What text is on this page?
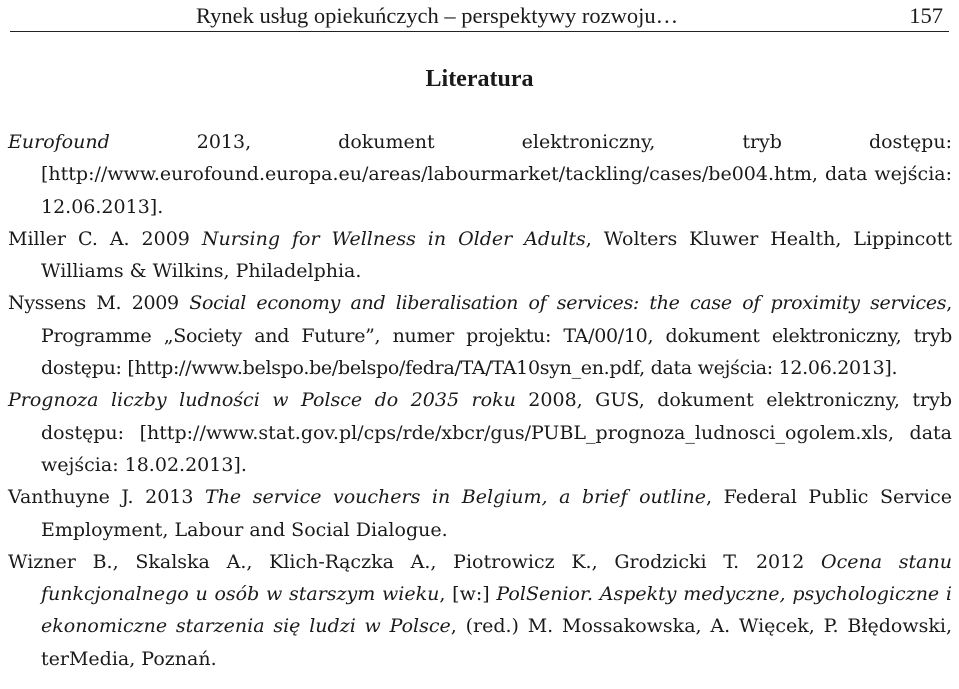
Rynek usług opiekuńczych – perspektywy rozwoju…	157
Literatura

Eurofound 2013, dokument elektroniczny, tryb dostępu: [http://www.eurofound.europa.eu/areas/labourmarket/tackling/cases/be004.htm, data wejścia: 12.06.2013].

Miller C. A. 2009 Nursing for Wellness in Older Adults, Wolters Kluwer Health, Lippincott Williams & Wilkins, Philadelphia.

Nyssens M. 2009 Social economy and liberalisation of services: the case of proximity services, Programme „Society and Future”, numer projektu: TA/00/10, dokument elektroniczny, tryb dostępu: [http://www.belspo.be/belspo/fedra/TA/TA10syn_en.pdf, data wejścia: 12.06.2013].

Prognoza liczby ludności w Polsce do 2035 roku 2008, GUS, dokument elektroniczny, tryb dostępu: [http://www.stat.gov.pl/cps/rde/xbcr/gus/PUBL_prognoza_ludnosci_ogolem.xls, data wejścia: 18.02.2013].

Vanthuyne J. 2013 The service vouchers in Belgium, a brief outline, Federal Public Service Employment, Labour and Social Dialogue.

Wizner B., Skalska A., Klich-Rączka A., Piotrowicz K., Grodzicki T. 2012 Ocena stanu funkcjonalnego u osób w starszym wieku, [w:] PolSenior. Aspekty medyczne, psychologiczne i ekonomiczne starzenia się ludzi w Polsce, (red.) M. Mossakowska, A. Więcek, P. Błędowski, terMedia, Poznań.
